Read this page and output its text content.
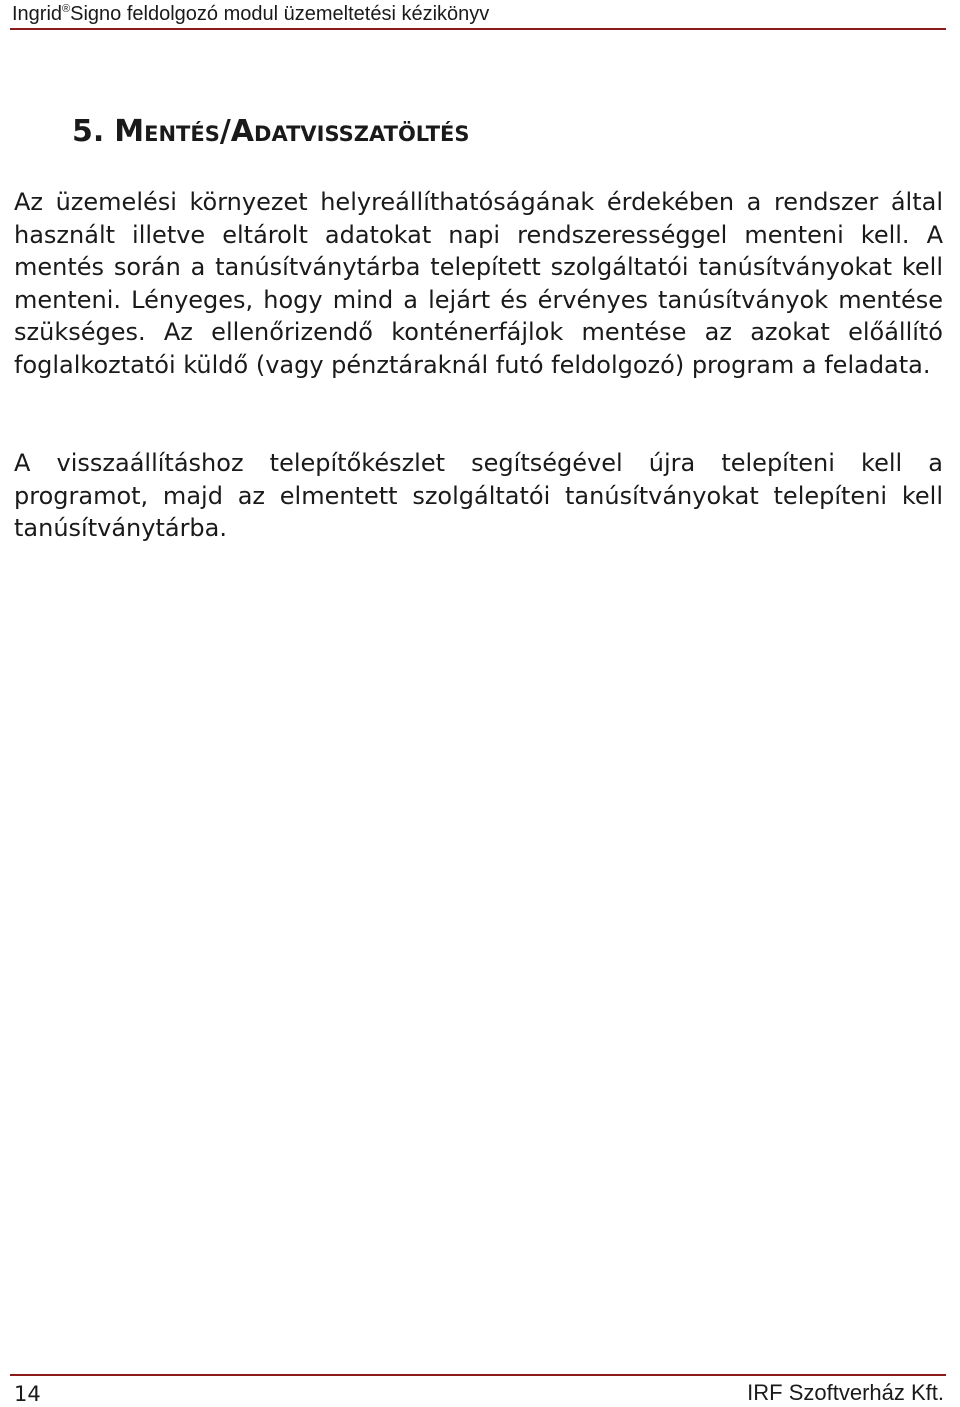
Ingrid®Signo feldolgozó modul üzemeltetési kézikönyv
5. Mentés/Adatvisszatöltés

Az üzemelési környezet helyreállíthatóságának érdekében a rendszer által használt illetve eltárolt adatokat napi rendszerességgel menteni kell. A mentés során a tanúsítványtárba telepített szolgáltatói tanúsítványokat kell menteni. Lényeges, hogy mind a lejárt és érvényes tanúsítványok mentése szükséges. Az ellenőrizendő konténerfájlok mentése az azokat előállító foglalkoztatói küldő (vagy pénztáraknál futó feldolgozó) program a feladata.

A visszaállításhoz telepítőkészlet segítségével újra telepíteni kell a programot, majd az elmentett szolgáltatói tanúsítványokat telepíteni kell tanúsítványtárba.

14	IRF Szoftverház Kft.
